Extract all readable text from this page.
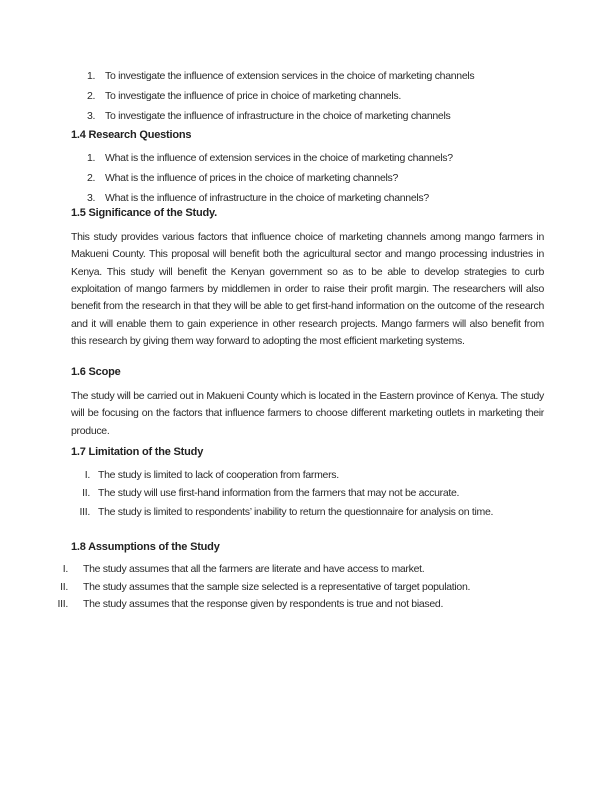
1. To investigate the influence of extension services in the choice of marketing channels
2. To investigate the influence of price in choice of marketing channels.
3. To investigate the influence of infrastructure in the choice of marketing channels
1.4 Research Questions
1. What is the influence of extension services in the choice of marketing channels?
2. What is the influence of prices in the choice of marketing channels?
3. What is the influence of infrastructure in the choice of marketing channels?
1.5 Significance of the Study.
This study provides various factors that influence choice of marketing channels among mango farmers in Makueni County. This proposal will benefit both the agricultural sector and mango processing industries in Kenya. This study will benefit the Kenyan government so as to be able to develop strategies to curb exploitation of mango farmers by middlemen in order to raise their profit margin. The researchers will also benefit from the research in that they will be able to get first-hand information on the outcome of the research and it will enable them to gain experience in other research projects. Mango farmers will also benefit from this research by giving them way forward to adopting the most efficient marketing systems.
1.6 Scope
The study will be carried out in Makueni County which is located in the Eastern province of Kenya. The study will be focusing on the factors that influence farmers to choose different marketing outlets in marketing their produce.
1.7 Limitation of the Study
I. The study is limited to lack of cooperation from farmers.
II. The study will use first-hand information from the farmers that may not be accurate.
III. The study is limited to respondents’ inability to return the questionnaire for analysis on time.
1.8 Assumptions of the Study
I. The study assumes that all the farmers are literate and have access to market.
II. The study assumes that the sample size selected is a representative of target population.
III. The study assumes that the response given by respondents is true and not biased.
